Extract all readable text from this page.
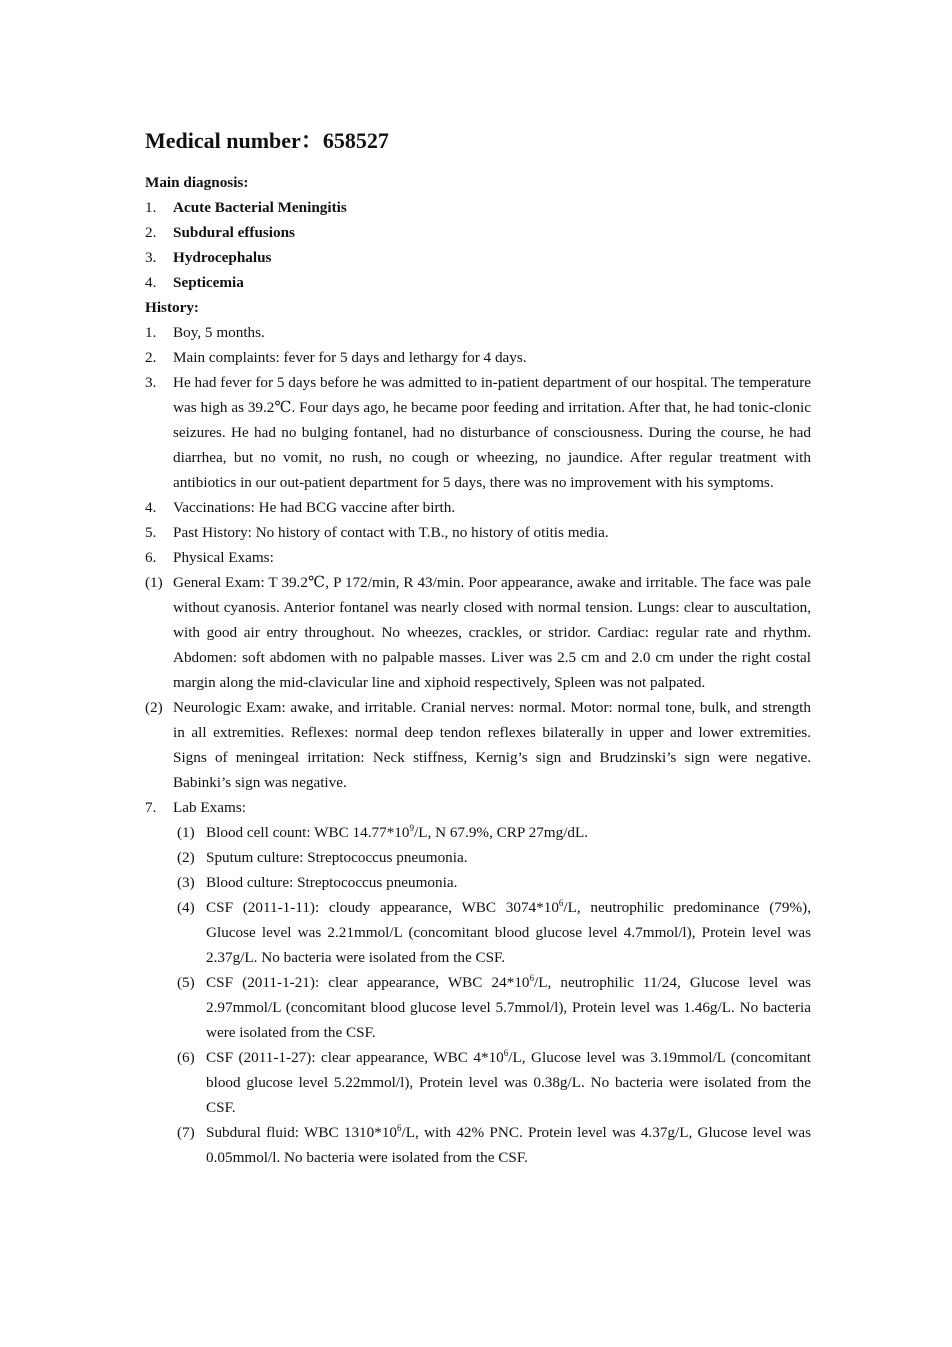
Medical number：658527
Main diagnosis:
1.	Acute Bacterial Meningitis
2.	Subdural effusions
3.	Hydrocephalus
4.	Septicemia
History:
1.	Boy, 5 months.
2.	Main complaints: fever for 5 days and lethargy for 4 days.
3.	He had fever for 5 days before he was admitted to in-patient department of our hospital. The temperature was high as 39.2℃. Four days ago, he became poor feeding and irritation. After that, he had tonic-clonic seizures. He had no bulging fontanel, had no disturbance of consciousness. During the course, he had diarrhea, but no vomit, no rush, no cough or wheezing, no jaundice. After regular treatment with antibiotics in our out-patient department for 5 days, there was no improvement with his symptoms.
4.	Vaccinations: He had BCG vaccine after birth.
5.	Past History: No history of contact with T.B., no history of otitis media.
6.	Physical Exams:
(1) General Exam: T 39.2℃, P 172/min, R 43/min. Poor appearance, awake and irritable. The face was pale without cyanosis. Anterior fontanel was nearly closed with normal tension. Lungs: clear to auscultation, with good air entry throughout. No wheezes, crackles, or stridor. Cardiac: regular rate and rhythm. Abdomen: soft abdomen with no palpable masses. Liver was 2.5 cm and 2.0 cm under the right costal margin along the mid-clavicular line and xiphoid respectively, Spleen was not palpated.
(2) Neurologic Exam: awake, and irritable. Cranial nerves: normal. Motor: normal tone, bulk, and strength in all extremities. Reflexes: normal deep tendon reflexes bilaterally in upper and lower extremities. Signs of meningeal irritation: Neck stiffness, Kernig’s sign and Brudzinski’s sign were negative. Babinki’s sign was negative.
7.	Lab Exams:
(1) Blood cell count: WBC $14.77*10^9/L$, N 67.9%, CRP 27mg/dL.
(2) Sputum culture: Streptococcus pneumonia.
(3) Blood culture: Streptococcus pneumonia.
(4) CSF (2011-1-11): cloudy appearance, WBC $3074*10^6/L$, neutrophilic predominance (79%), Glucose level was 2.21mmol/L (concomitant blood glucose level 4.7mmol/l), Protein level was 2.37g/L. No bacteria were isolated from the CSF.
(5) CSF (2011-1-21): clear appearance, WBC $24*10^6/L$, neutrophilic 11/24, Glucose level was 2.97mmol/L (concomitant blood glucose level 5.7mmol/l), Protein level was 1.46g/L. No bacteria were isolated from the CSF.
(6) CSF (2011-1-27): clear appearance, WBC $4*10^6/L$, Glucose level was 3.19mmol/L (concomitant blood glucose level 5.22mmol/l), Protein level was 0.38g/L. No bacteria were isolated from the CSF.
(7) Subdural fluid: WBC $1310*10^6/L$, with 42% PNC. Protein level was 4.37g/L, Glucose level was 0.05mmol/l. No bacteria were isolated from the CSF.
